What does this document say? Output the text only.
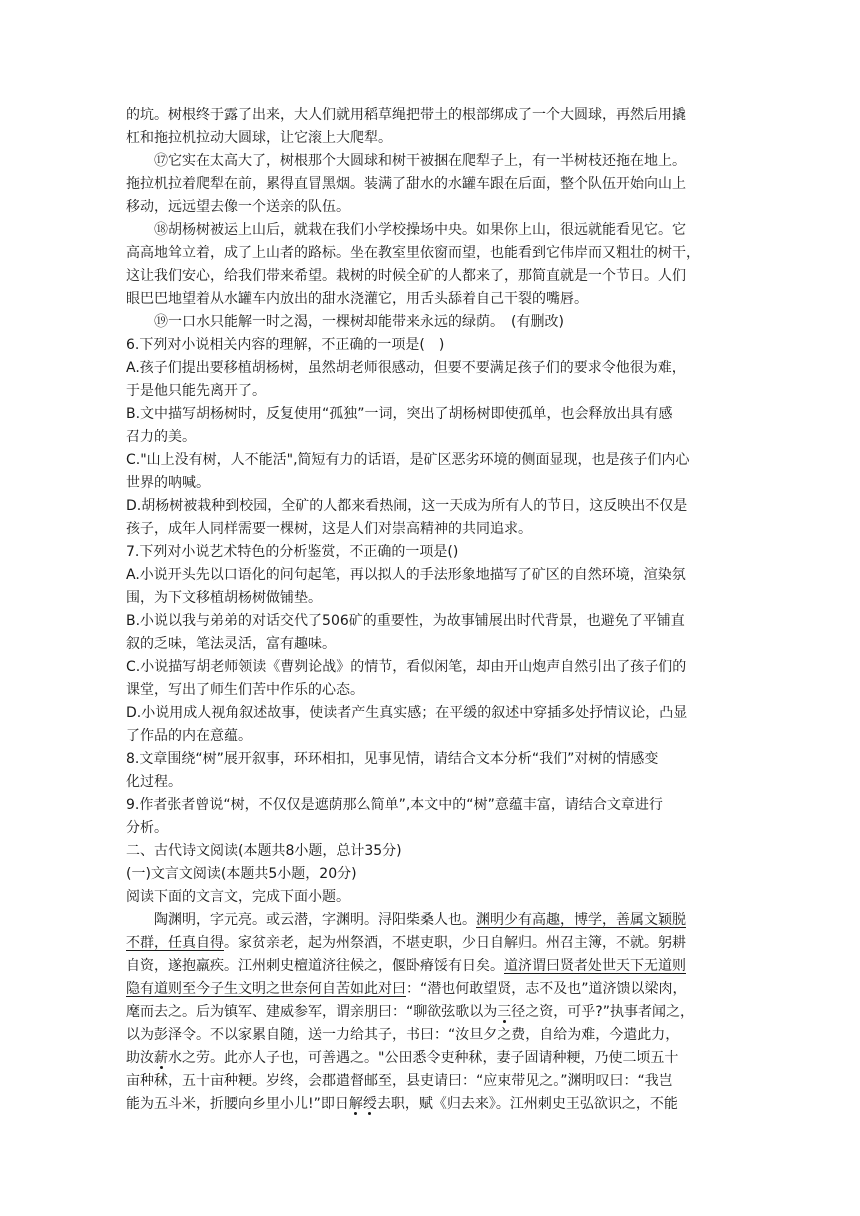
的坑。树根终于露了出来，大人们就用稻草绳把带土的根部绑成了一个大圆球，再然后用撬
杠和拖拉机拉动大圆球，让它滚上大爬犁。
⑰它实在太高大了，树根那个大圆球和树干被捆在爬犁子上，有一半树枝还拖在地上。
拖拉机拉着爬犁在前，累得直冒黑烟。装满了甜水的水罐车跟在后面，整个队伍开始向山上
移动，远远望去像一个送亲的队伍。
⑱胡杨树被运上山后，就栽在我们小学校操场中央。如果你上山，很远就能看见它。它
高高地耸立着，成了上山者的路标。坐在教室里依窗而望，也能看到它伟岸而又粗壮的树干，
这让我们安心，给我们带来希望。栽树的时候全矿的人都来了，那简直就是一个节日。人们
眼巴巴地望着从水罐车内放出的甜水浇灌它，用舌头舔着自己干裂的嘴唇。
⑲一口水只能解一时之渴，一棵树却能带来永远的绿荫。　(有删改)
6.下列对小说相关内容的理解，不正确的一项是(　)
A.孩子们提出要移植胡杨树，虽然胡老师很感动，但要不要满足孩子们的要求令他很为难，
于是他只能先离开了。
B.文中描写胡杨树时，反复使用“孤独”一词，突出了胡杨树即使孤单，也会释放出具有感
召力的美。
C."山上没有树，人不能活",简短有力的话语，是矿区恶劣环境的侧面显现，也是孩子们内心
世界的呐喊。
D.胡杨树被栽种到校园，全矿的人都来看热闹，这一天成为所有人的节日，这反映出不仅是
孩子，成年人同样需要一棵树，这是人们对崇高精神的共同追求。
7.下列对小说艺术特色的分析鉴赏，不正确的一项是()
A.小说开头先以口语化的问句起笔，再以拟人的手法形象地描写了矿区的自然环境，渲染氛
围，为下文移植胡杨树做铺垫。
B.小说以我与弟弟的对话交代了506矿的重要性，为故事铺展出时代背景，也避免了平铺直
叙的乏味，笔法灵活，富有趣味。
C.小说描写胡老师领读《曹刿论战》的情节，看似闲笔，却由开山炮声自然引出了孩子们的
课堂，写出了师生们苦中作乐的心态。
D.小说用成人视角叙述故事，使读者产生真实感；在平缓的叙述中穿插多处抒情议论，凸显
了作品的内在意蕴。
8.文章围绕“树”展开叙事，环环相扣，见事见情，请结合文本分析“我们”对树的情感变
化过程。
9.作者张者曾说“树，不仅仅是遮荫那么简单”,本文中的“树”意蕴丰富，请结合文章进行
分析。
二、古代诗文阅读(本题共8小题，总计35分)
(一)文言文阅读(本题共5小题，20分)
阅读下面的文言文，完成下面小题。
陶渊明，字元亮。或云潜，字渊明。浔阳柴桑人也。渊明少有高趣，博学，善属文颖脱
不群，任真自得。家贫亲老，起为州祭酒，不堪吏职，少日自解归。州召主簿，不就。躬耕
自资，遂抱羸疾。江州刺史檀道济往候之，偃卧瘠馁有日矣。道济谓曰贤者处世天下无道则
隐有道则至今子生文明之世奈何自苦如此对曰：“潜也何敢望贤，志不及也”道济馈以梁肉，
麾而去之。后为镇军、建威参军，谓亲朋曰：“聊欲弦歌以为三径之资，可乎?”执事者闻之，
以为彭泽令。不以家累自随，送一力给其子，书曰：“汝旦夕之费，自给为难，今遣此力，
助汝薪水之劳。此亦人子也，可善遇之。"公田悉令吏种秫，妻子固请种粳，乃使二顷五十
亩种秫，五十亩种粳。岁终，会郡遣督邮至，县吏请曰：“应束带见之。”渊明叹曰：“我岂
能为五斗米，折腰向乡里小儿!”即日解绶去职，赋《归去来》。江州刺史王弘欲识之，不能
